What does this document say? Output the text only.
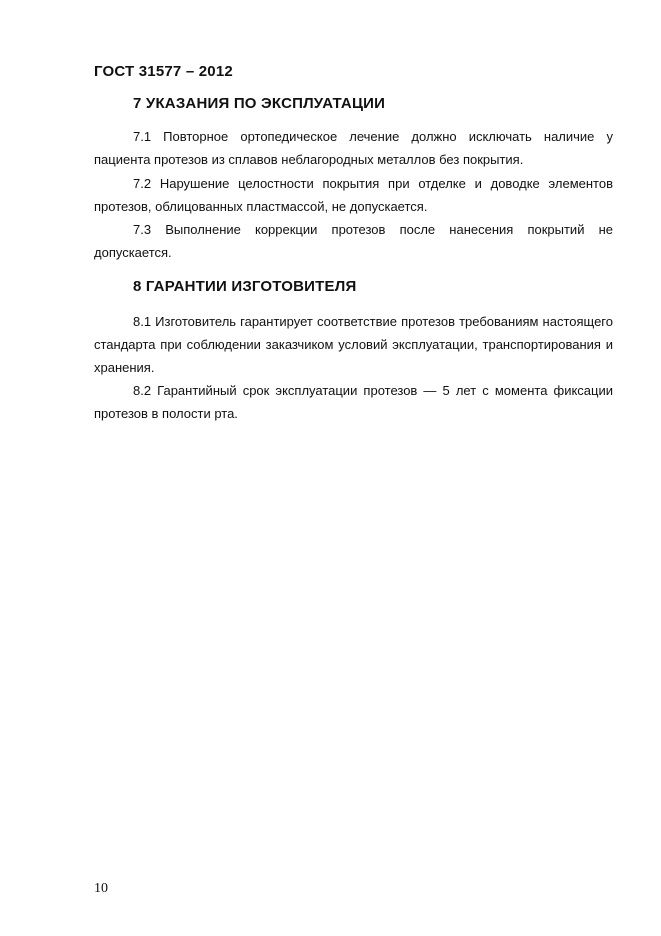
ГОСТ 31577 – 2012
7 УКАЗАНИЯ ПО ЭКСПЛУАТАЦИИ

7.1 Повторное ортопедическое лечение должно исключать наличие у пациента протезов из сплавов неблагородных металлов без покрытия.

7.2 Нарушение целостности покрытия при отделке и доводке элементов протезов, облицованных пластмассой, не допускается.

7.3 Выполнение коррекции протезов после нанесения покрытий не допускается.

8 ГАРАНТИИ ИЗГОТОВИТЕЛЯ

8.1 Изготовитель гарантирует соответствие протезов требованиям настоящего стандарта при соблюдении заказчиком условий эксплуатации, транспортирования и хранения.

8.2 Гарантийный срок эксплуатации протезов — 5 лет с момента фиксации протезов в полости рта.

10
